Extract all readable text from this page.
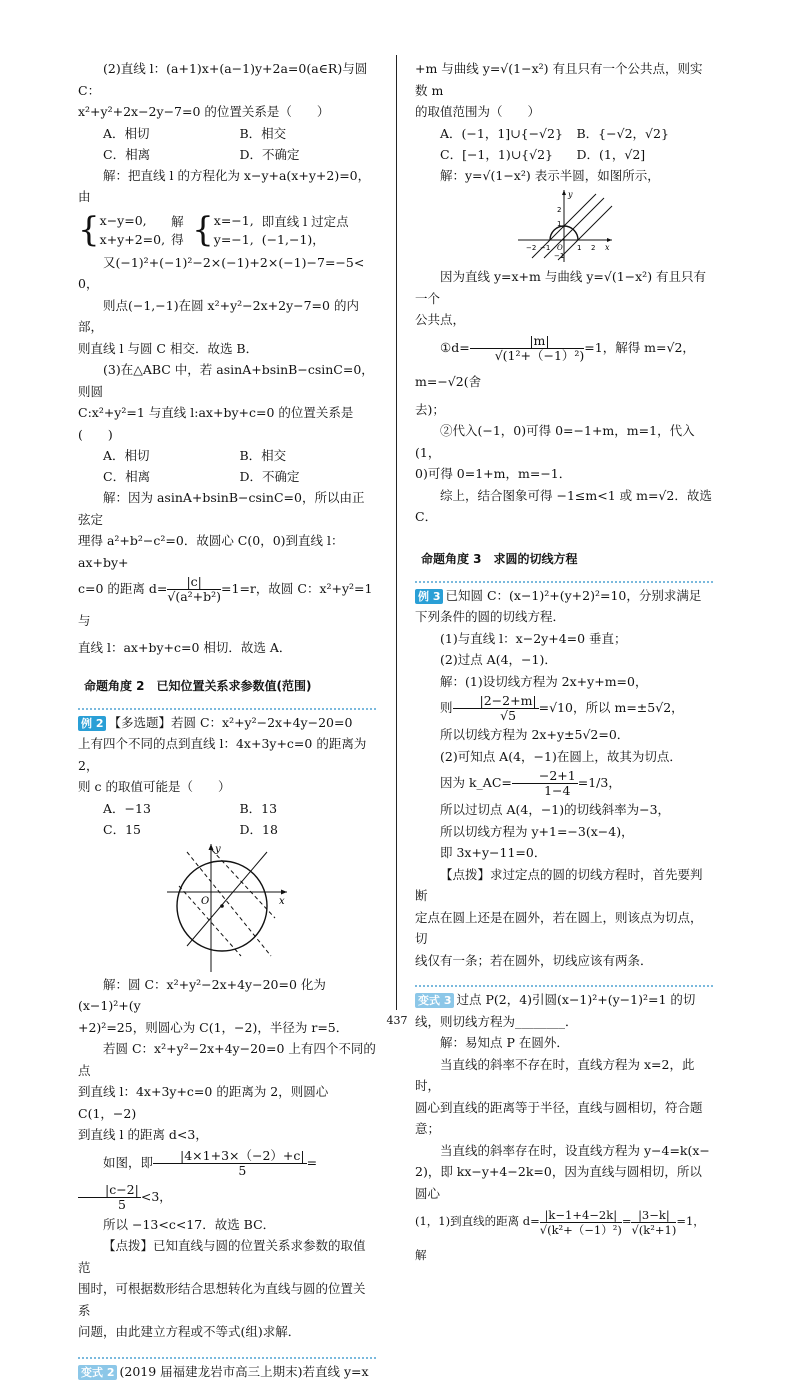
(2)直线 l：(a+1)x+(a−1)y+2a=0(a∈R)与圆 C：

x²+y²+2x−2y−7=0 的位置关系是（　　）

A．相切	B．相交
C．相离	D．不确定

解：把直线 l 的方程化为 x−y+a(x+y+2)=0，由

{ x−y=0,
x+y+2=0,
解得 { x=−1,
y=−1,
即直线 l 过定点(−1,−1)，

又(−1)²+(−1)²−2×(−1)+2×(−1)−7=−5<

0，

则点(−1,−1)在圆 x²+y²−2x+2y−7=0 的内部，

则直线 l 与圆 C 相交．故选 B．

(3)在△ABC 中，若 asinA+bsinB−csinC=0，则圆

C:x²+y²=1 与直线 l:ax+by+c=0 的位置关系是(　　)

A．相切	B．相交
C．相离	D．不确定

解：因为 asinA+bsinB−csinC=0，所以由正弦定

理得 a²+b²−c²=0．故圆心 C(0，0)到直线 l：ax+by+

c=0 的距离 $d= \frac{|c|}{\text{√(a²+b²)}} =1=r$，故圆 C：x²+y²=1 与

直线 l：ax+by+c=0 相切．故选 A．

命题角度 2　已知位置关系求参数值(范围)

例 2 【多选题】若圆 C：x²+y²−2x+4y−20=0

上有四个不同的点到直线 l：4x+3y+c=0 的距离为 2，

则 c 的取值可能是（　　）

A．−13	B．13
C．15	D．18
y
x
O

解：圆 C：x²+y²−2x+4y−20=0 化为(x−1)²+(y

+2)²=25，则圆心为 C(1，−2)，半径为 r=5．

若圆 C：x²+y²−2x+4y−20=0 上有四个不同的点

到直线 l：4x+3y+c=0 的距离为 2，则圆心 C(1，−2)

到直线 l 的距离 d<3，

如图，即 $\frac{|4\times 1+3\times(-2)+c|}{5}$ =
$\frac{|c-2|}{5} <3$，

所以 −13<c<17．故选 BC．

【点拨】已知直线与圆的位置关系求参数的取值范

围时，可根据数形结合思想转化为直线与圆的位置关系

问题，由此建立方程或不等式(组)求解．

变式 2 (2019 届福建龙岩市高三上期末)若直线 y=x

+m 与曲线 y=√(1−x²) 有且只有一个公共点，则实数 m

的取值范围为（　　）

A．(−1，1]∪{−√2}	B．{−√2，√2}
C．[−1，1)∪{√2}	D．(1，√2]

解：y=√(1−x²) 表示半圆，如图所示，

y
x
−2 −1 O 1 2
1
2
−1

因为直线 y=x+m 与曲线 y=√(1−x²) 有且只有一个

公共点，

①d= $\frac{|m|}{\text{√(1²+（−1）²)}} =1$，解得 m=√2，m=−√2(舍

去)；

②代入(−1，0)可得 0=−1+m，m=1，代入(1，

0)可得 0=1+m，m=−1．

综上，结合图象可得 −1≤m<1 或 m=√2．故选 C．

命题角度 3　求圆的切线方程

例 3 已知圆 C：(x−1)²+(y+2)²=10，分别求满足

下列条件的圆的切线方程．

(1)与直线 l：x−2y+4=0 垂直；

(2)过点 A(4，−1)．

解：(1)设切线方程为 2x+y+m=0，

则 $\frac{|2-2+m|}{√5} =√10$，所以 m=±5√2，

所以切线方程为 2x+y±5√2=0．

(2)可知点 A(4，−1)在圆上，故其为切点．

因为 k_AC= $\frac{-2+1}{1-4} =1/3$，

所以过切点 A(4，−1)的切线斜率为−3，

所以切线方程为 y+1=−3(x−4)，

即 3x+y−11=0．

【点拨】求过定点的圆的切线方程时，首先要判断

定点在圆上还是在圆外，若在圆上，则该点为切点，切

线仅有一条；若在圆外，切线应该有两条．

变式 3 过点 P(2，4)引圆(x−1)²+(y−1)²=1 的切

线，则切线方程为________．

解：易知点 P 在圆外．

当直线的斜率不存在时，直线方程为 x=2，此时，

圆心到直线的距离等于半径，直线与圆相切，符合题意；

当直线的斜率存在时，设直线方程为 y−4=k(x−

2)，即 kx−y+4−2k=0，因为直线与圆相切，所以圆心

(1，1)到直线的距离 $d= \frac{|k-1+4-2k|}{\text{√(k²+（−1）²)}} = \frac{|3-k|}{\text{√(k²+1)}} =1$，解

437
